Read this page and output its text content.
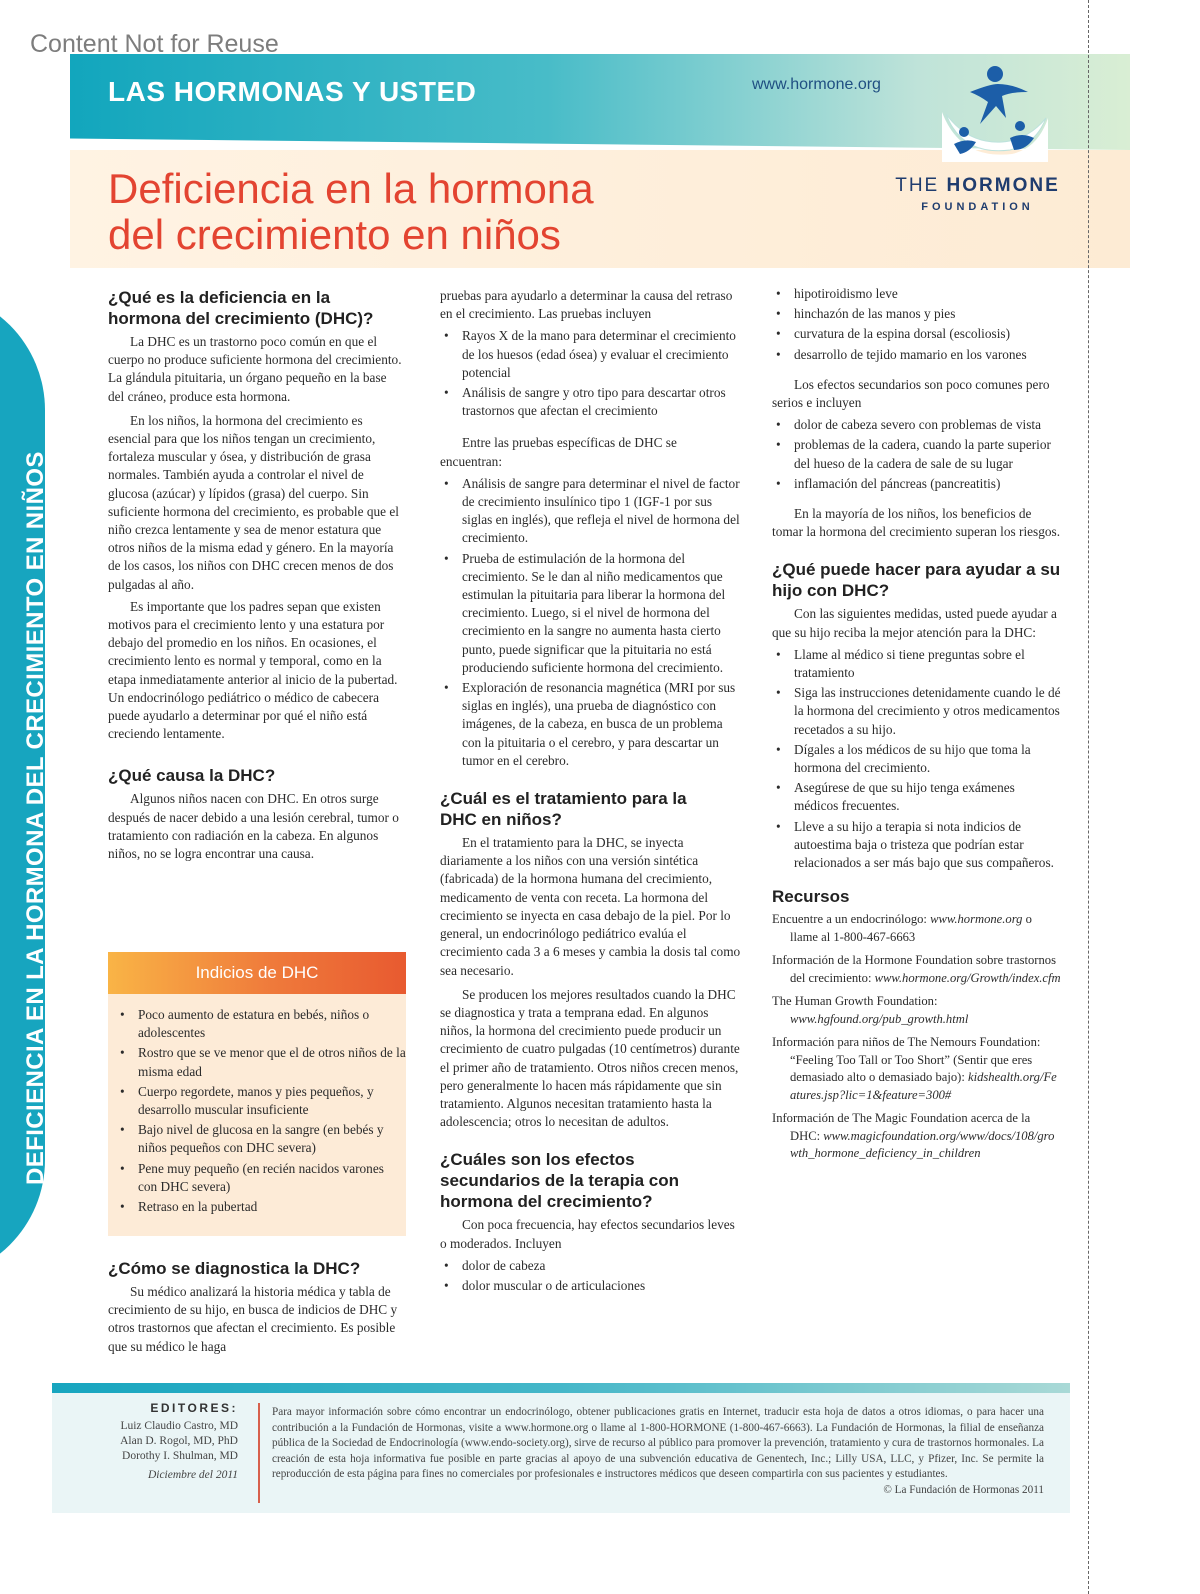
Content Not for Reuse
LAS HORMONAS Y USTED	www.hormone.org
Deficiencia en la hormona
del crecimiento en niños
THE HORMONE
FOUNDATION
DEFICIENCIA EN LA HORMONA DEL CRECIMIENTO EN NIÑOS
¿Qué es la deficiencia en la hormona del crecimiento (DHC)?

La DHC es un trastorno poco común en que el cuerpo no produce suficiente hormona del crecimiento. La glándula pituitaria, un órgano pequeño en la base del cráneo, produce esta hormona.

En los niños, la hormona del crecimiento es esencial para que los niños tengan un crecimiento, fortaleza muscular y ósea, y distribución de grasa normales. También ayuda a controlar el nivel de glucosa (azúcar) y lípidos (grasa) del cuerpo. Sin suficiente hormona del crecimiento, es probable que el niño crezca lentamente y sea de menor estatura que otros niños de la misma edad y género. En la mayoría de los casos, los niños con DHC crecen menos de dos pulgadas al año.

Es importante que los padres sepan que existen motivos para el crecimiento lento y una estatura por debajo del promedio en los niños. En ocasiones, el crecimiento lento es normal y temporal, como en la etapa inmediatamente anterior al inicio de la pubertad. Un endocrinólogo pediátrico o médico de cabecera puede ayudarlo a determinar por qué el niño está creciendo lentamente.

¿Qué causa la DHC?

Algunos niños nacen con DHC. En otros surge después de nacer debido a una lesión cerebral, tumor o tratamiento con radiación en la cabeza. En algunos niños, no se logra encontrar una causa.

Indicios de DHC
• Poco aumento de estatura en bebés, niños o adolescentes
• Rostro que se ve menor que el de otros niños de la misma edad
• Cuerpo regordete, manos y pies pequeños, y desarrollo muscular insuficiente
• Bajo nivel de glucosa en la sangre (en bebés y niños pequeños con DHC severa)
• Pene muy pequeño (en recién nacidos varones con DHC severa)
• Retraso en la pubertad
¿Cómo se diagnostica la DHC?

Su médico analizará la historia médica y tabla de crecimiento de su hijo, en busca de indicios de DHC y otros trastornos que afectan el crecimiento. Es posible que su médico le haga

pruebas para ayudarlo a determinar la causa del retraso en el crecimiento. Las pruebas incluyen

• Rayos X de la mano para determinar el crecimiento de los huesos (edad ósea) y evaluar el crecimiento potencial
• Análisis de sangre y otro tipo para descartar otros trastornos que afectan el crecimiento

Entre las pruebas específicas de DHC se encuentran:

• Análisis de sangre para determinar el nivel de factor de crecimiento insulínico tipo 1 (IGF-1 por sus siglas en inglés), que refleja el nivel de hormona del crecimiento.
• Prueba de estimulación de la hormona del crecimiento. Se le dan al niño medicamentos que estimulan la pituitaria para liberar la hormona del crecimiento. Luego, si el nivel de hormona del crecimiento en la sangre no aumenta hasta cierto punto, puede significar que la pituitaria no está produciendo suficiente hormona del crecimiento.
• Exploración de resonancia magnética (MRI por sus siglas en inglés), una prueba de diagnóstico con imágenes, de la cabeza, en busca de un problema con la pituitaria o el cerebro, y para descartar un tumor en el cerebro.
¿Cuál es el tratamiento para la DHC en niños?

En el tratamiento para la DHC, se inyecta diariamente a los niños con una versión sintética (fabricada) de la hormona humana del crecimiento, medicamento de venta con receta. La hormona del crecimiento se inyecta en casa debajo de la piel. Por lo general, un endocrinólogo pediátrico evalúa el crecimiento cada 3 a 6 meses y cambia la dosis tal como sea necesario.

Se producen los mejores resultados cuando la DHC se diagnostica y trata a temprana edad. En algunos niños, la hormona del crecimiento puede producir un crecimiento de cuatro pulgadas (10 centímetros) durante el primer año de tratamiento. Otros niños crecen menos, pero generalmente lo hacen más rápidamente que sin tratamiento. Algunos necesitan tratamiento hasta la adolescencia; otros lo necesitan de adultos.

¿Cuáles son los efectos secundarios de la terapia con hormona del crecimiento?

Con poca frecuencia, hay efectos secundarios leves o moderados. Incluyen

• dolor de cabeza
• dolor muscular o de articulaciones
• hipotiroidismo leve
• hinchazón de las manos y pies
• curvatura de la espina dorsal (escoliosis)
• desarrollo de tejido mamario en los varones

Los efectos secundarios son poco comunes pero serios e incluyen

• dolor de cabeza severo con problemas de vista
• problemas de la cadera, cuando la parte superior del hueso de la cadera de sale de su lugar
• inflamación del páncreas (pancreatitis)

En la mayoría de los niños, los beneficios de tomar la hormona del crecimiento superan los riesgos.

¿Qué puede hacer para ayudar a su hijo con DHC?

Con las siguientes medidas, usted puede ayudar a que su hijo reciba la mejor atención para la DHC:

• Llame al médico si tiene preguntas sobre el tratamiento
• Siga las instrucciones detenidamente cuando le dé la hormona del crecimiento y otros medicamentos recetados a su hijo.
• Dígales a los médicos de su hijo que toma la hormona del crecimiento.
• Asegúrese de que su hijo tenga exámenes médicos frecuentes.
• Lleve a su hijo a terapia si nota indicios de autoestima baja o tristeza que podrían estar relacionados a ser más bajo que sus compañeros.
Recursos
Encuentre a un endocrinólogo: www.hormone.org o llame al 1-800-467-6663
Información de la Hormone Foundation sobre trastornos del crecimiento: www.hormone.org/Growth/index.cfm
The Human Growth Foundation: www.hgfound.org/pub_growth.html
Información para niños de The Nemours Foundation: “Feeling Too Tall or Too Short” (Sentir que eres demasiado alto o demasiado bajo): kidshealth.org/Features.jsp?lic=1&feature=300#
Información de The Magic Foundation acerca de la DHC: www.magicfoundation.org/www/docs/108/growth_hormone_deficiency_in_children
EDITORES:
Luiz Claudio Castro, MD
Alan D. Rogol, MD, PhD
Dorothy I. Shulman, MD
Diciembre del 2011
Para mayor información sobre cómo encontrar un endocrinólogo, obtener publicaciones gratis en Internet, traducir esta hoja de datos a otros idiomas, o para hacer una contribución a la Fundación de Hormonas, visite a www.hormone.org o llame al 1-800-HORMONE (1-800-467-6663). La Fundación de Hormonas, la filial de enseñanza pública de la Sociedad de Endocrinología (www.endo-society.org), sirve de recurso al público para promover la prevención, tratamiento y cura de trastornos hormonales. La creación de esta hoja informativa fue posible en parte gracias al apoyo de una subvención educativa de Genentech, Inc.; Lilly USA, LLC, y Pfizer, Inc. Se permite la reproducción de esta página para fines no comerciales por profesionales e instructores médicos que deseen compartirla con sus pacientes y estudiantes.
© La Fundación de Hormonas 2011
